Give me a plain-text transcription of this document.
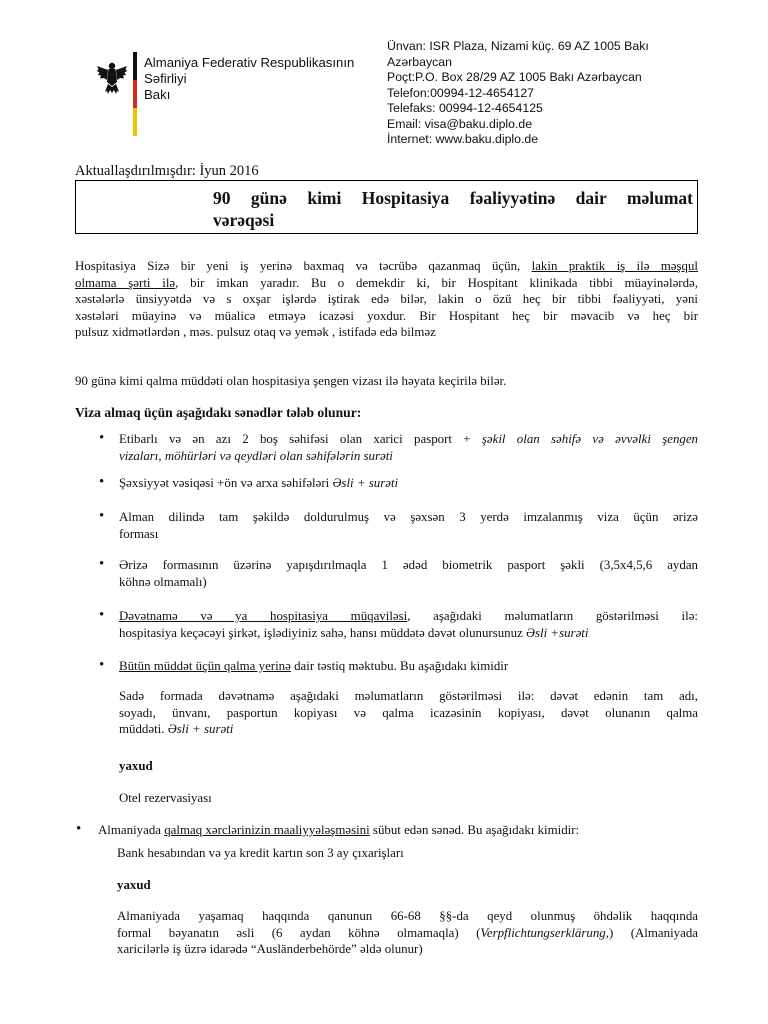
Almaniya Federativ Respublikasının
Səfirliyi
Bakı
Ünvan: ISR Plaza, Nizami küç. 69 AZ 1005 Bakı
Azərbaycan
Poçt:P.O. Box 28/29 AZ 1005 Bakı Azərbaycan
Telefon:00994-12-4654127
Telefaks: 00994-12-4654125
Email: visa@baku.diplo.de
İnternet: www.baku.diplo.de
Aktuallaşdırılmışdır: İyun 2016
90 günə kimi Hospitasiya fəaliyyətinə dair məlumat
vərəqəsi
Hospitasiya Sizə bir yeni iş yerinə baxmaq və təcrübə qazanmaq üçün, lakin praktik iş ilə məşqul
olmama şərti ilə, bir imkan yaradır. Bu o demekdir ki, bir Hospitant klinikada tibbi müayinələrdə,
xəstələrlə ünsiyyətdə və s oxşar işlərdə iştirak edə bilər, lakin o özü heç bir tibbi fəaliyyəti, yəni
xəstələri müayinə və müalicə etməyə icazəsi yoxdur. Bir Hospitant heç bir məvacib və heç bir
pulsuz xidmətlərdən , məs. pulsuz otaq və yemək , istifadə edə bilməz
90 günə kimi qalma müddəti olan hospitasiya şengen vizası ilə həyata keçirilə bilər.
Viza almaq üçün aşağıdakı sənədlər tələb olunur:
• Etibarlı və ən azı 2 boş səhifəsi olan xarici pasport + şəkil olan səhifə və əvvəlki şengen
vizaları, möhürləri və qeydləri olan səhifələrin surəti
• Şəxsiyyət vəsiqəsi +ön və arxa səhifələri Əsli + surəti
• Alman dilində tam şəkildə doldurulmuş və şəxsən 3 yerdə imzalanmış viza üçün ərizə
forması
• Ərizə formasının üzərinə yapışdırılmaqla 1 ədəd biometrik pasport şəkli (3,5x4,5,6 aydan
köhnə olmamalı)
• Dəvətnamə və ya hospitasiya müqaviləsi, aşağıdaki məlumatların göstərilməsi ilə:
hospitasiya keçəcəyi şirkət, işlədiyiniz sahə, hansı müddətə dəvət olunursunuz Əsli +surəti
• Bütün müddət üçün qalma yerinə dair təstiq məktubu. Bu aşağıdakı kimidir
Sadə formada dəvətnamə aşağıdaki məlumatların göstərilməsi ilə: dəvət edənin tam adı,
soyadı, ünvanı, pasportun kopiyası və qalma icazəsinin kopiyası, dəvət olunanın qalma
müddəti. Əsli + surəti
yaxud
Otel rezervasiyası
• Almaniyada qalmaq xərclərinizin maaliyyələşməsini sübut edən sənəd. Bu aşağıdakı kimidir:
Bank hesabından və ya kredit kartın son 3 ay çıxarişları
yaxud
Almaniyada yaşamaq haqqında qanunun 66-68 §§-da qeyd olunmuş öhdəlik haqqında
formal bəyanatın əsli (6 aydan köhnə olmamaqla) (Verpflichtungserklärung,) (Almaniyada
xaricilərlə iş üzrə idarədə “Ausländerbehörde” əldə olunur)
